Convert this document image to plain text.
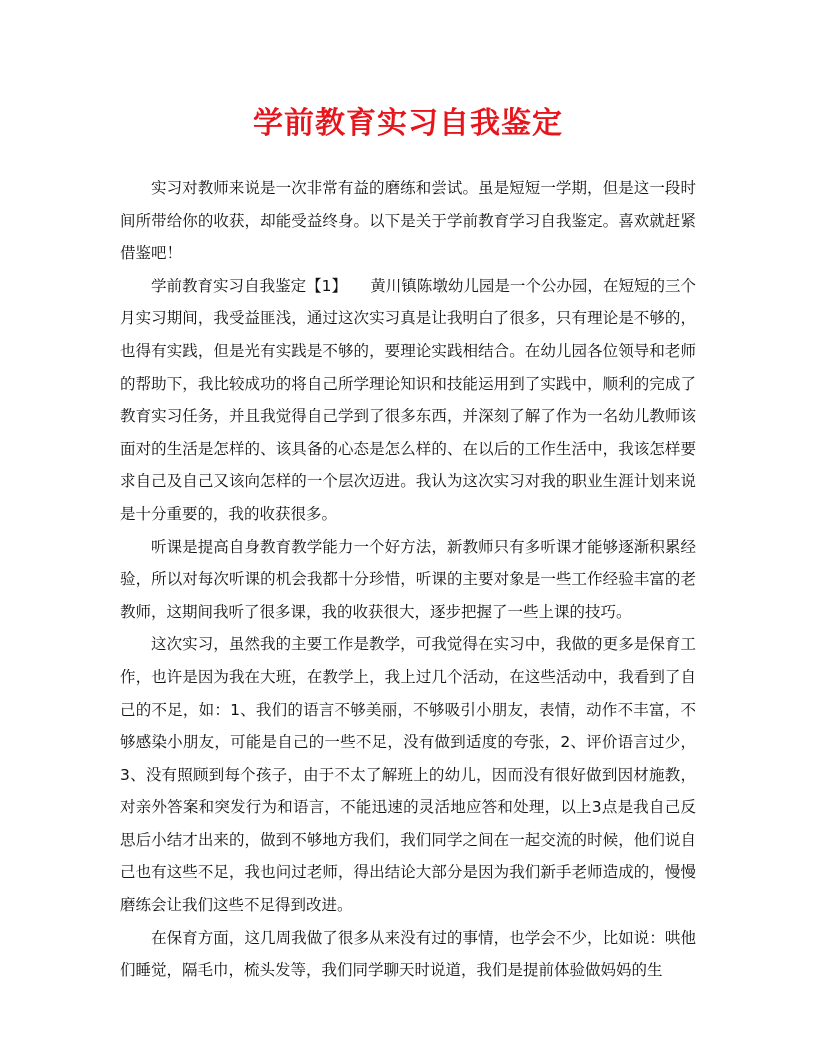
学前教育实习自我鉴定

实习对教师来说是一次非常有益的磨练和尝试。虽是短短一学期，但是这一段时间所带给你的收获，却能受益终身。以下是关于学前教育学习自我鉴定。喜欢就赶紧借鉴吧！

学前教育实习自我鉴定【1】　　黄川镇陈墩幼儿园是一个公办园，在短短的三个月实习期间，我受益匪浅，通过这次实习真是让我明白了很多，只有理论是不够的，也得有实践，但是光有实践是不够的，要理论实践相结合。在幼儿园各位领导和老师的帮助下，我比较成功的将自己所学理论知识和技能运用到了实践中，顺利的完成了教育实习任务，并且我觉得自己学到了很多东西，并深刻了解了作为一名幼儿教师该面对的生活是怎样的、该具备的心态是怎么样的、在以后的工作生活中，我该怎样要求自己及自己又该向怎样的一个层次迈进。我认为这次实习对我的职业生涯计划来说是十分重要的，我的收获很多。

听课是提高自身教育教学能力一个好方法，新教师只有多听课才能够逐渐积累经验，所以对每次听课的机会我都十分珍惜，听课的主要对象是一些工作经验丰富的老教师，这期间我听了很多课，我的收获很大，逐步把握了一些上课的技巧。

这次实习，虽然我的主要工作是教学，可我觉得在实习中，我做的更多是保育工作，也许是因为我在大班，在教学上，我上过几个活动，在这些活动中，我看到了自己的不足，如：1、我们的语言不够美丽，不够吸引小朋友，表情，动作不丰富，不够感染小朋友，可能是自己的一些不足，没有做到适度的夸张，2、评价语言过少，3、没有照顾到每个孩子，由于不太了解班上的幼儿，因而没有很好做到因材施教，对亲外答案和突发行为和语言，不能迅速的灵活地应答和处理，以上3点是我自己反思后小结才出来的，做到不够地方我们，我们同学之间在一起交流的时候，他们说自己也有这些不足，我也问过老师，得出结论大部分是因为我们新手老师造成的，慢慢磨练会让我们这些不足得到改进。

在保育方面，这几周我做了很多从来没有过的事情，也学会不少，比如说：哄他们睡觉，隔毛巾，梳头发等，我们同学聊天时说道，我们是提前体验做妈妈的生
